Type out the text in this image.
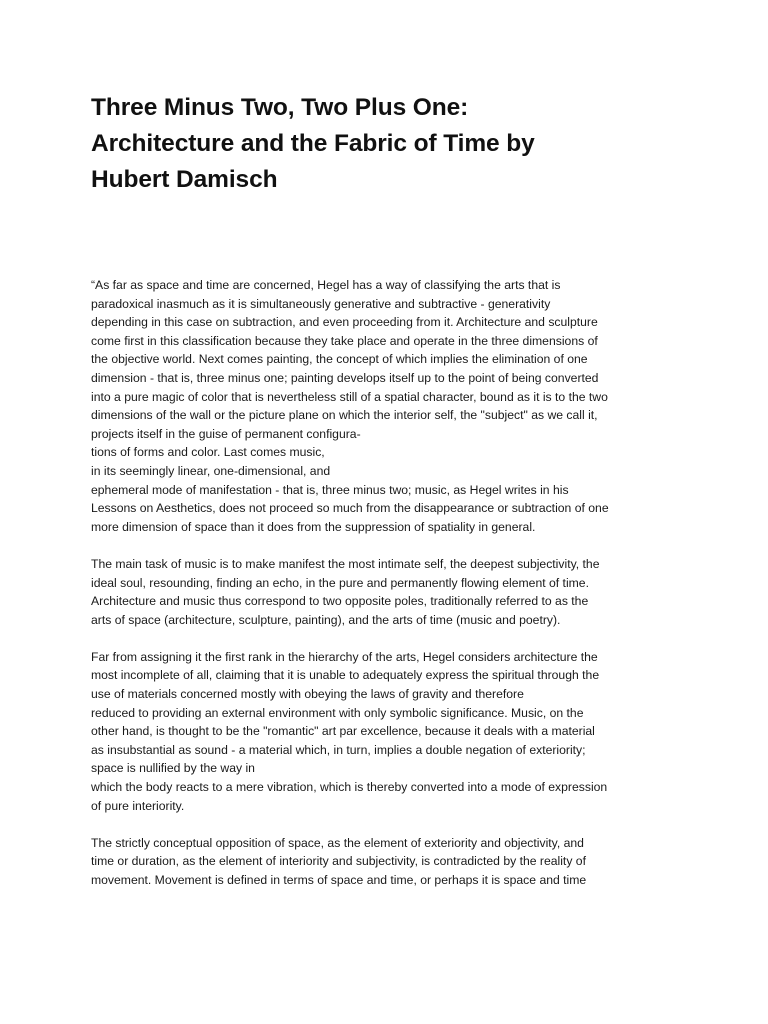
Three Minus Two, Two Plus One:
Architecture and the Fabric of Time by
Hubert Damisch

“As far as space and time are concerned, Hegel has a way of classifying the arts that is
paradoxical inasmuch as it is simultaneously generative and subtractive - generativity
depending in this case on subtraction, and even proceeding from it. Architecture and sculpture
come first in this classification because they take place and operate in the three dimensions of
the objective world. Next comes painting, the concept of which implies the elimination of one
dimension - that is, three minus one; painting develops itself up to the point of being converted
into a pure magic of color that is nevertheless still of a spatial character, bound as it is to the two
dimensions of the wall or the picture plane on which the interior self, the "subject" as we call it,
projects itself in the guise of permanent configura-
tions of forms and color. Last comes music,
in its seemingly linear, one-dimensional, and
ephemeral mode of manifestation - that is, three minus two; music, as Hegel writes in his
Lessons on Aesthetics, does not proceed so much from the disappearance or subtraction of one
more dimension of space than it does from the suppression of spatiality in general.

The main task of music is to make manifest the most intimate self, the deepest subjectivity, the
ideal soul, resounding, finding an echo, in the pure and permanently flowing element of time.
Architecture and music thus correspond to two opposite poles, traditionally referred to as the
arts of space (architecture, sculpture, painting), and the arts of time (music and poetry).

Far from assigning it the first rank in the hierarchy of the arts, Hegel considers architecture the
most incomplete of all, claiming that it is unable to adequately express the spiritual through the
use of materials concerned mostly with obeying the laws of gravity and therefore
reduced to providing an external environment with only symbolic significance. Music, on the
other hand, is thought to be the "romantic" art par excellence, because it deals with a material
as insubstantial as sound - a material which, in turn, implies a double negation of exteriority;
space is nullified by the way in
which the body reacts to a mere vibration, which is thereby converted into a mode of expression
of pure interiority.

The strictly conceptual opposition of space, as the element of exteriority and objectivity, and
time or duration, as the element of interiority and subjectivity, is contradicted by the reality of
movement. Movement is defined in terms of space and time, or perhaps it is space and time
